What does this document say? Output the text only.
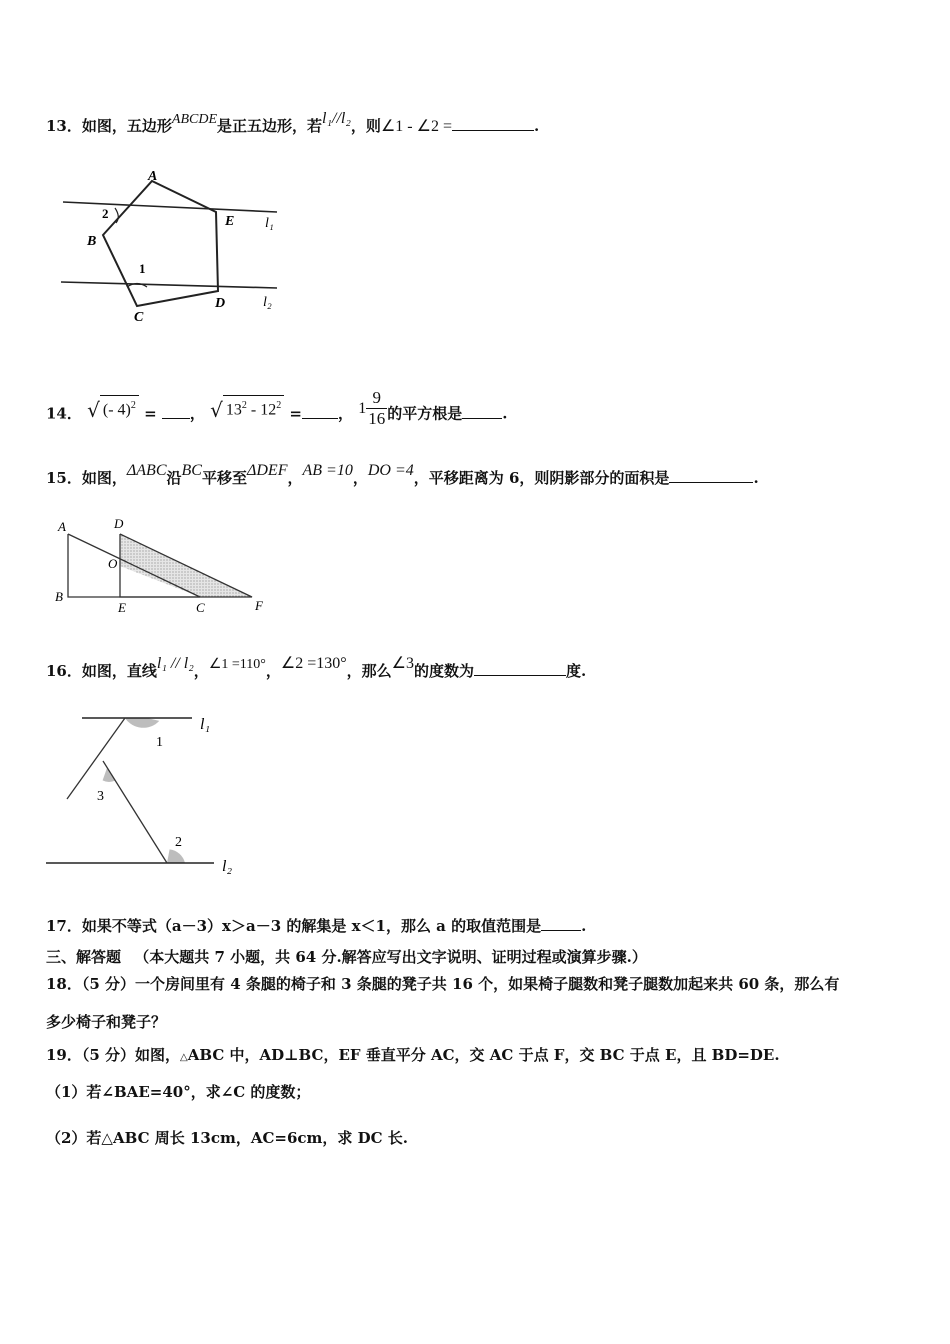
13．如图，五边形ABCDE是正五边形，若l₁//l₂，则∠1 - ∠2 =	.
A
B
C
D
E
1
2
l₁
l₂
14． √ (- 4)$^2$ = ， √ $13^2 - 12^2$ = ， $1 \frac{9}{16}$ 的平方根是	.
15．如图，ΔABC沿BC平移至ΔDEF，AB =10，DO =4，平移距离为 6，则阴影部分的面积是	.
A
B
D
O
E	C	F
16．如图，直线l₁ // l₂，∠1 =110°，∠2 =130°，那么∠3的度数为	度.
l₁
l₂
1
3
2
17．如果不等式（a－3）x＞a－3 的解集是 x＜1，那么 a 的取值范围是	.
三、解答题 （本大题共 7 小题，共 64 分.解答应写出文字说明、证明过程或演算步骤.）
18．（5 分）一个房间里有 4 条腿的椅子和 3 条腿的凳子共 16 个，如果椅子腿数和凳子腿数加起来共 60 条，那么有
多少椅子和凳子？
19．（5 分）如图，△ABC 中，AD⊥BC，EF 垂直平分 AC，交 AC 于点 F，交 BC 于点 E，且 BD=DE.
（1）若∠BAE=40°，求∠C 的度数；
（2）若△ABC 周长 13cm，AC=6cm，求 DC 长.
